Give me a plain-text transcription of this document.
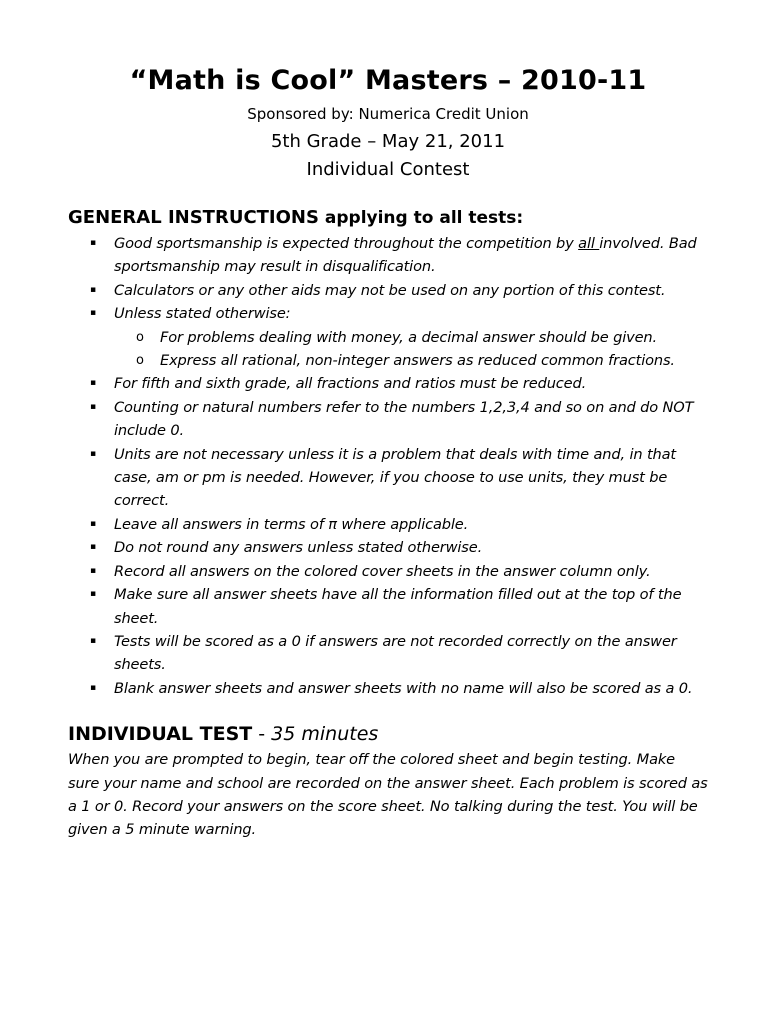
“Math is Cool” Masters – 2010-11
Sponsored by: Numerica Credit Union
5th Grade – May 21, 2011
Individual Contest
GENERAL INSTRUCTIONS applying to all tests:
▪ Good sportsmanship is expected throughout the competition by all involved. Bad sportsmanship may result in disqualification.
▪ Calculators or any other aids may not be used on any portion of this contest.
▪ Unless stated otherwise:
o For problems dealing with money, a decimal answer should be given.
o Express all rational, non-integer answers as reduced common fractions.
▪ For fifth and sixth grade, all fractions and ratios must be reduced.
▪ Counting or natural numbers refer to the numbers 1,2,3,4 and so on and do NOT include 0.
▪ Units are not necessary unless it is a problem that deals with time and, in that case, am or pm is needed. However, if you choose to use units, they must be correct.
▪ Leave all answers in terms of π where applicable.
▪ Do not round any answers unless stated otherwise.
▪ Record all answers on the colored cover sheets in the answer column only.
▪ Make sure all answer sheets have all the information filled out at the top of the sheet.
▪ Tests will be scored as a 0 if answers are not recorded correctly on the answer sheets.
▪ Blank answer sheets and answer sheets with no name will also be scored as a 0.
INDIVIDUAL TEST - 35 minutes
When you are prompted to begin, tear off the colored sheet and begin testing. Make sure your name and school are recorded on the answer sheet. Each problem is scored as a 1 or 0. Record your answers on the score sheet. No talking during the test. You will be given a 5 minute warning.
